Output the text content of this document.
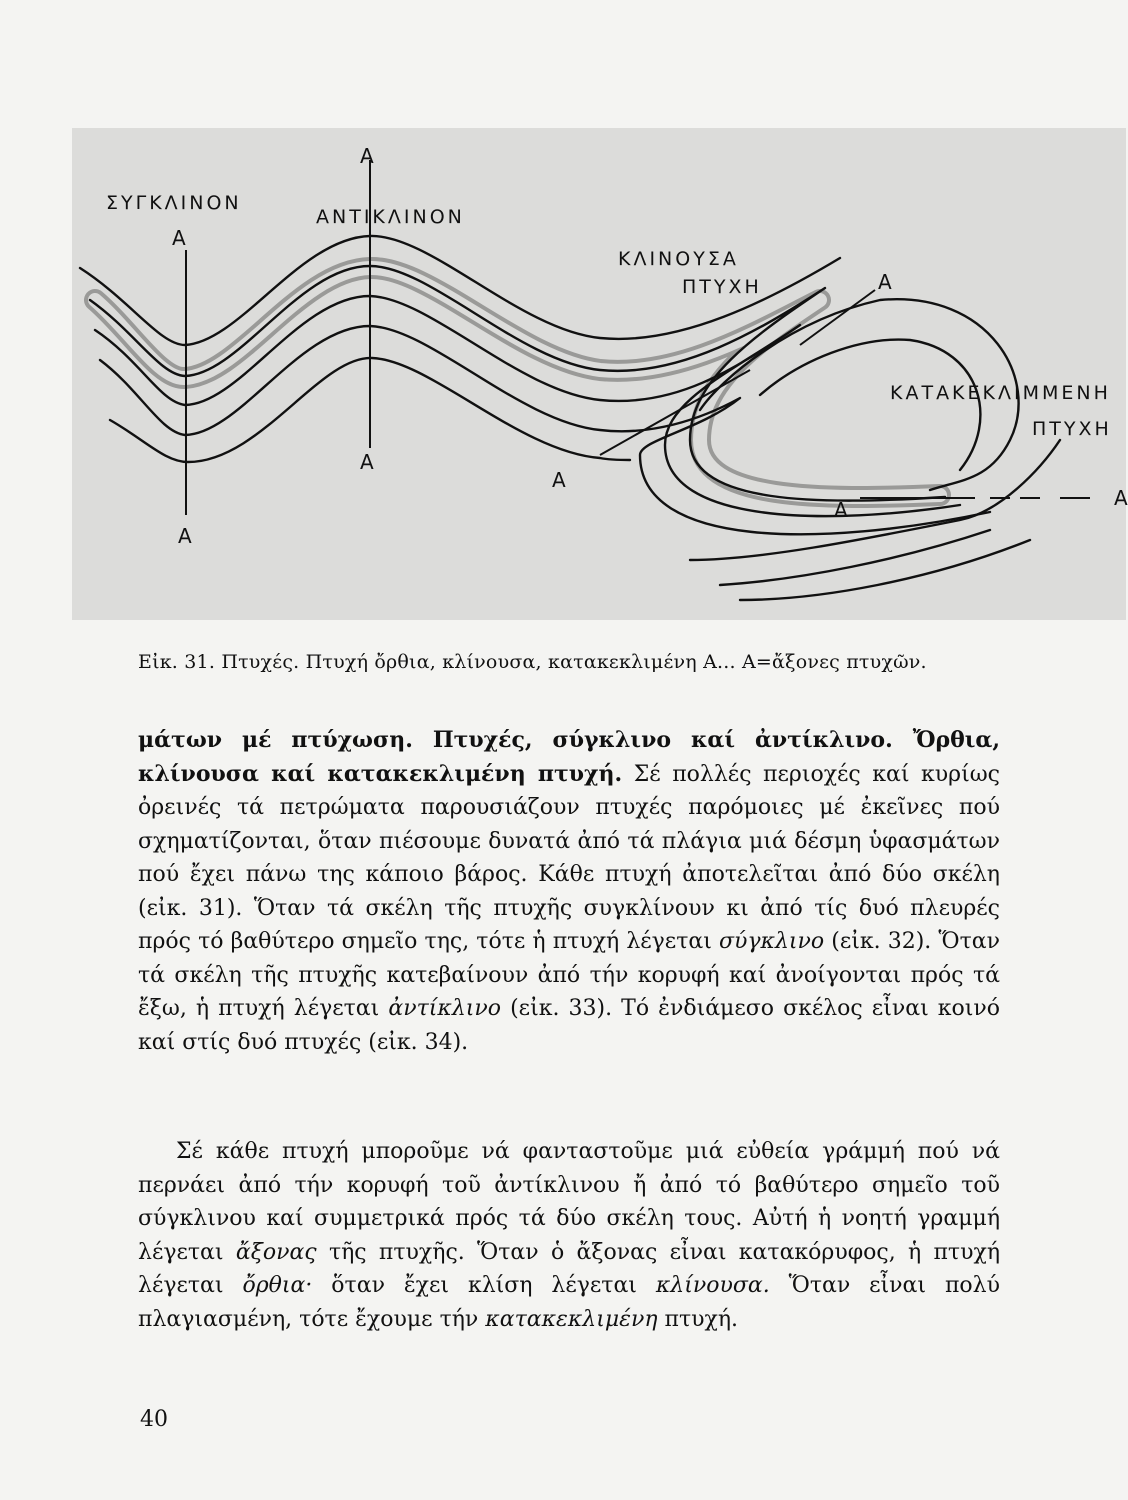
ΣΥΓΚΛΙΝΟΝ
ΑΝΤΙΚΛΙΝΟΝ
ΚΛΙΝΟΥΣΑ
ΠΤΥΧΗ
ΚΑΤΑΚΕΚΛΙΜΜΕΝΗ
ΠΤΥΧΗ
Α
Α
Α
Α
Α
Α	Α
Α
Εἰκ. 31. Πτυχές. Πτυχή ὄρθια, κλίνουσα, κατακεκλιμένη Α... Α=ἄξονες πτυχῶν.
μάτων μέ πτύχωση. Πτυχές, σύγκλινο καί ἀντίκλινο. Ὄρθια, κλίνουσα καί κατακεκλιμένη πτυχή. Σέ πολλές περιοχές καί κυρίως ὀρεινές τά πετρώματα παρουσιάζουν πτυχές παρόμοιες μέ ἐκεῖνες πού σχηματίζονται, ὅταν πιέσουμε δυνατά ἀπό τά πλάγια μιά δέσμη ὑφασμάτων πού ἔχει πάνω της κάποιο βάρος. Κάθε πτυχή ἀποτελεῖται ἀπό δύο σκέλη (εἰκ. 31). Ὅταν τά σκέλη τῆς πτυχῆς συγκλίνουν κι ἀπό τίς δυό πλευρές πρός τό βαθύτερο σημεῖο της, τότε ἡ πτυχή λέγεται σύγκλινο (εἰκ. 32). Ὅταν τά σκέλη τῆς πτυχῆς κατεβαίνουν ἀπό τήν κορυφή καί ἀνοίγονται πρός τά ἔξω, ἡ πτυχή λέγεται ἀντίκλινο (εἰκ. 33). Τό ἐνδιάμεσο σκέλος εἶναι κοινό καί στίς δυό πτυχές (εἰκ. 34).
Σέ κάθε πτυχή μποροῦμε νά φανταστοῦμε μιά εὐθεία γράμμή πού νά περνάει ἀπό τήν κορυφή τοῦ ἀντίκλινου ἤ ἀπό τό βαθύτερο σημεῖο τοῦ σύγκλινου καί συμμετρικά πρός τά δύο σκέλη τους. Αὐτή ἡ νοητή γραμμή λέγεται ἄξονας τῆς πτυχῆς. Ὅταν ὁ ἄξονας εἶναι κατακόρυφος, ἡ πτυχή λέγεται ὄρθια· ὅταν ἔχει κλίση λέγεται κλίνουσα. Ὅταν εἶναι πολύ πλαγιασμένη, τότε ἔχουμε τήν κατακεκλιμένη πτυχή.
40
